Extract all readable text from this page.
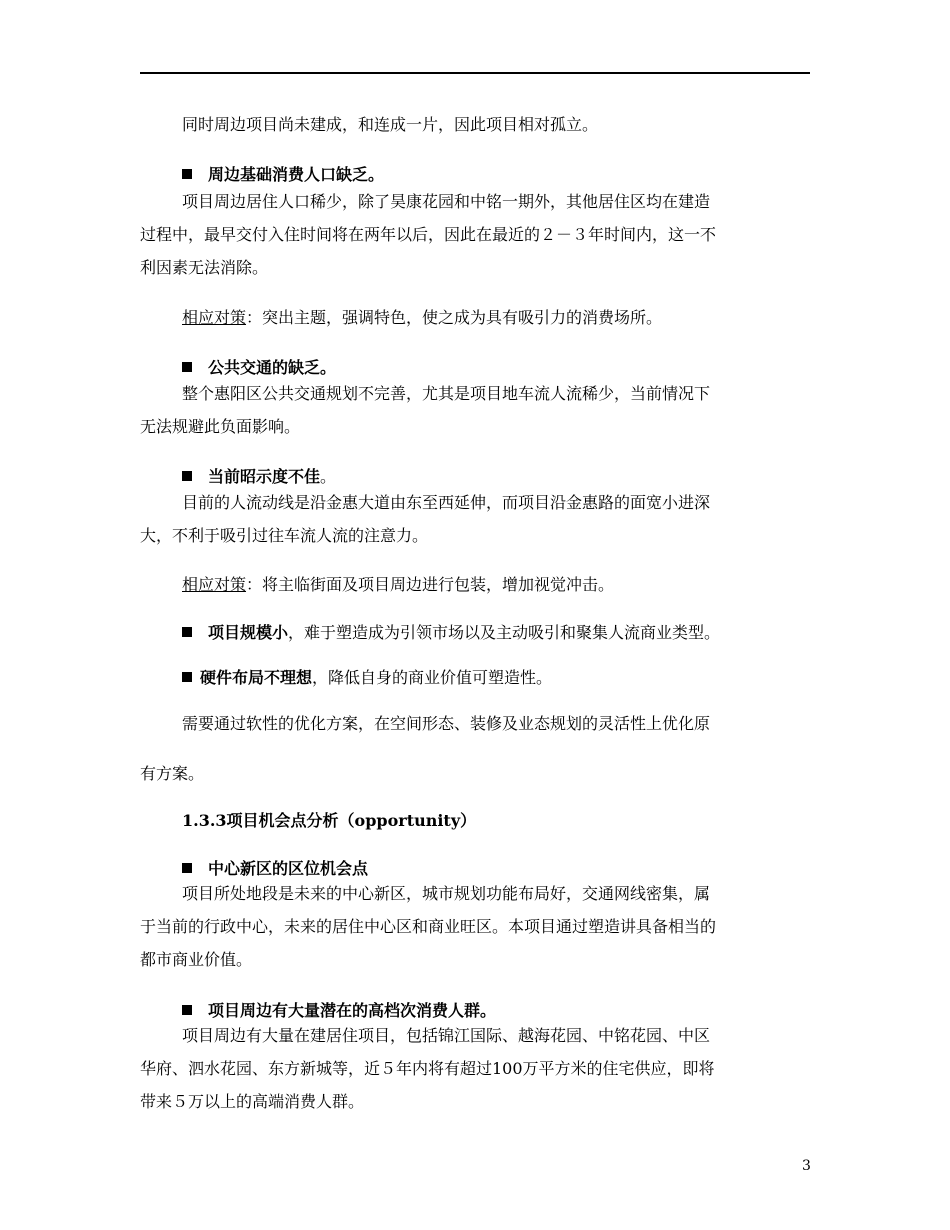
同时周边项目尚未建成，和连成一片，因此项目相对孤立。
周边基础消费人口缺乏。
项目周边居住人口稀少，除了昊康花园和中铭一期外，其他居住区均在建造
过程中，最早交付入住时间将在两年以后，因此在最近的２－３年时间内，这一不
利因素无法消除。
相应对策：突出主题，强调特色，使之成为具有吸引力的消费场所。
公共交通的缺乏。
整个惠阳区公共交通规划不完善，尤其是项目地车流人流稀少，当前情况下
无法规避此负面影响。
当前昭示度不佳。
目前的人流动线是沿金惠大道由东至西延伸，而项目沿金惠路的面宽小进深
大，不利于吸引过往车流人流的注意力。
相应对策：将主临街面及项目周边进行包装，增加视觉冲击。
项目规模小，难于塑造成为引领市场以及主动吸引和聚集人流商业类型。
硬件布局不理想，降低自身的商业价值可塑造性。
需要通过软性的优化方案，在空间形态、装修及业态规划的灵活性上优化原
有方案。
1.3.3项目机会点分析（opportunity）
中心新区的区位机会点
项目所处地段是未来的中心新区，城市规划功能布局好，交通网线密集，属
于当前的行政中心，未来的居住中心区和商业旺区。本项目通过塑造讲具备相当的
都市商业价值。
项目周边有大量潜在的高档次消费人群。
项目周边有大量在建居住项目，包括锦江国际、越海花园、中铭花园、中区
华府、泗水花园、东方新城等，近５年内将有超过100万平方米的住宅供应，即将
带来５万以上的高端消费人群。
3
